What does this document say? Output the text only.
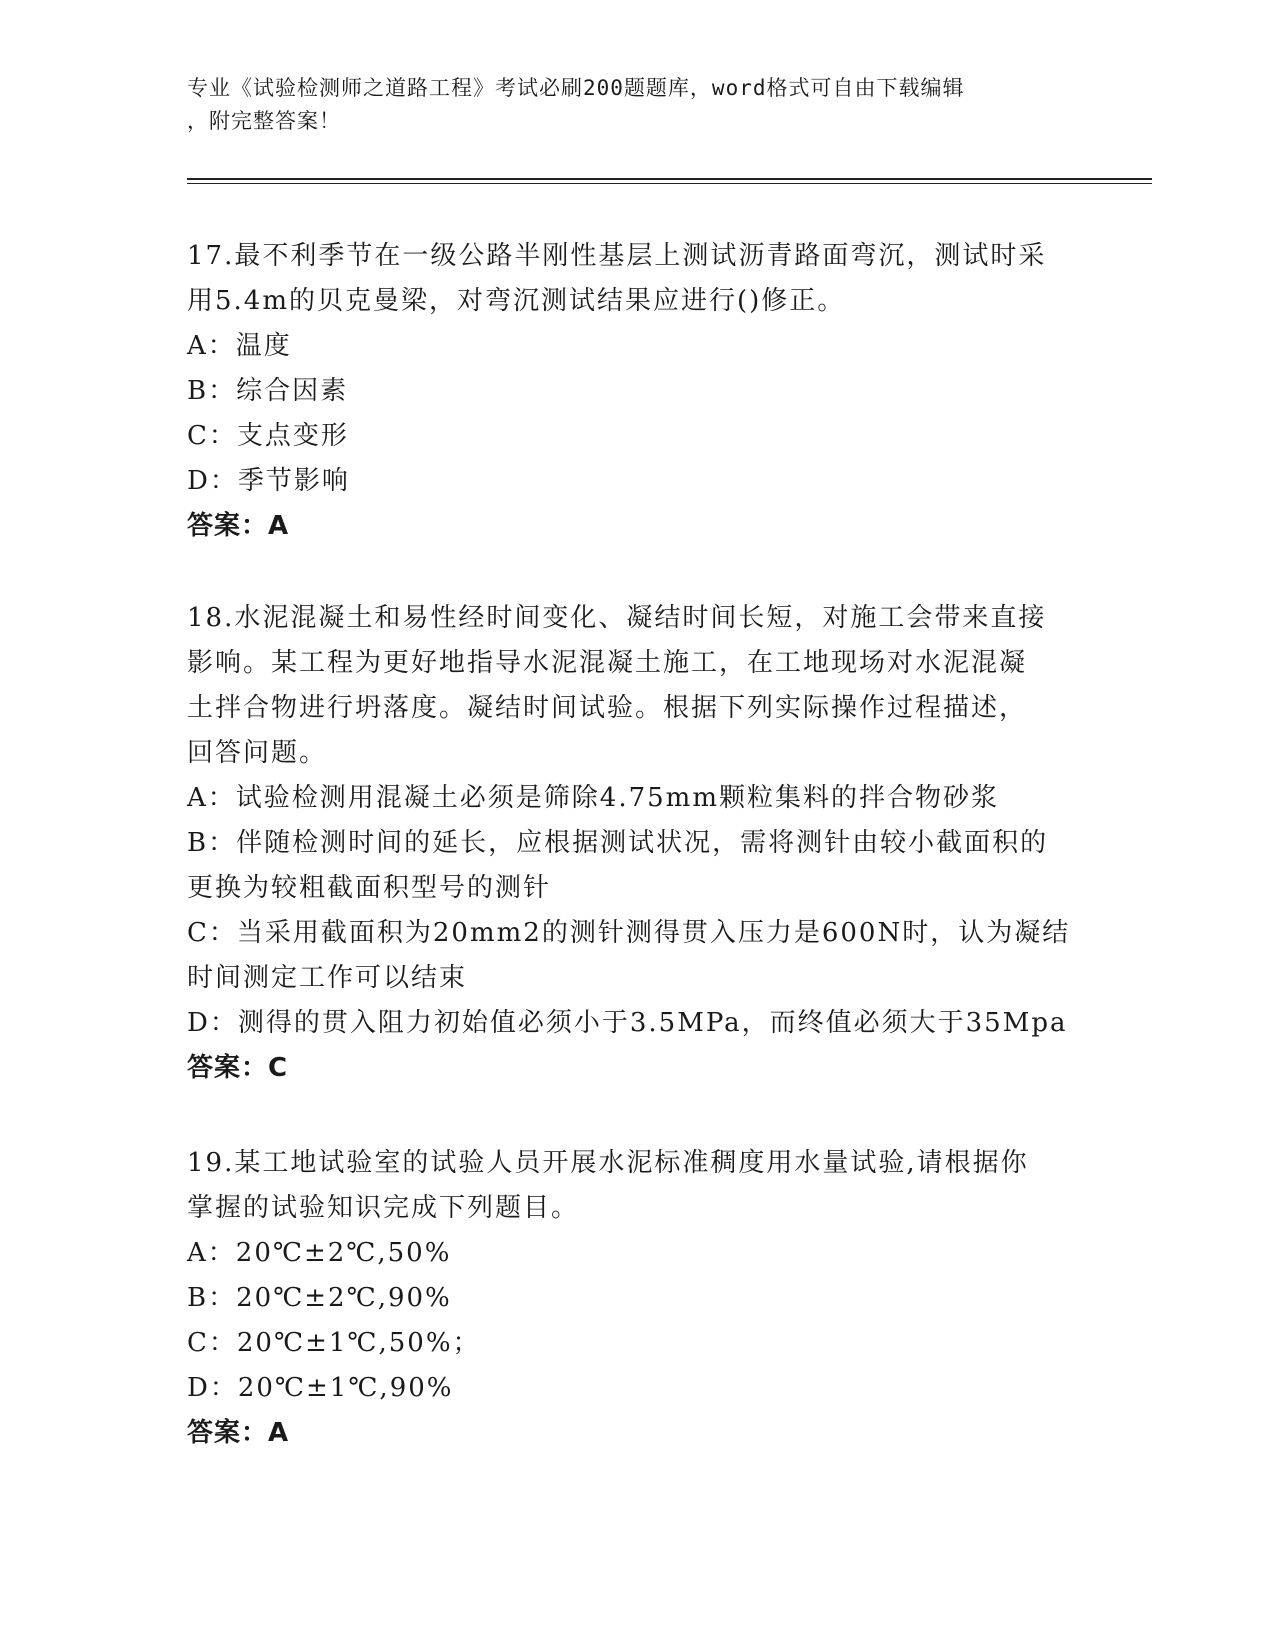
专业《试验检测师之道路工程》考试必刷200题题库，word格式可自由下载编辑
，附完整答案！
17.最不利季节在一级公路半刚性基层上测试沥青路面弯沉，测试时采
用5.4m的贝克曼梁，对弯沉测试结果应进行()修正。
A：温度
B：综合因素
C：支点变形
D：季节影响
答案：A
18.水泥混凝土和易性经时间变化、凝结时间长短，对施工会带来直接
影响。某工程为更好地指导水泥混凝土施工，在工地现场对水泥混凝
土拌合物进行坍落度。凝结时间试验。根据下列实际操作过程描述，
回答问题。
A：试验检测用混凝土必须是筛除4.75mm颗粒集料的拌合物砂浆
B：伴随检测时间的延长，应根据测试状况，需将测针由较小截面积的
更换为较粗截面积型号的测针
C：当采用截面积为20mm2的测针测得贯入压力是600N时，认为凝结
时间测定工作可以结束
D：测得的贯入阻力初始值必须小于3.5MPa，而终值必须大于35Mpa
答案：C
19.某工地试验室的试验人员开展水泥标准稠度用水量试验,请根据你
掌握的试验知识完成下列题目。
A：20℃±2℃,50%
B：20℃±2℃,90%
C：20℃±1℃,50%；
D：20℃±1℃,90%
答案：A
